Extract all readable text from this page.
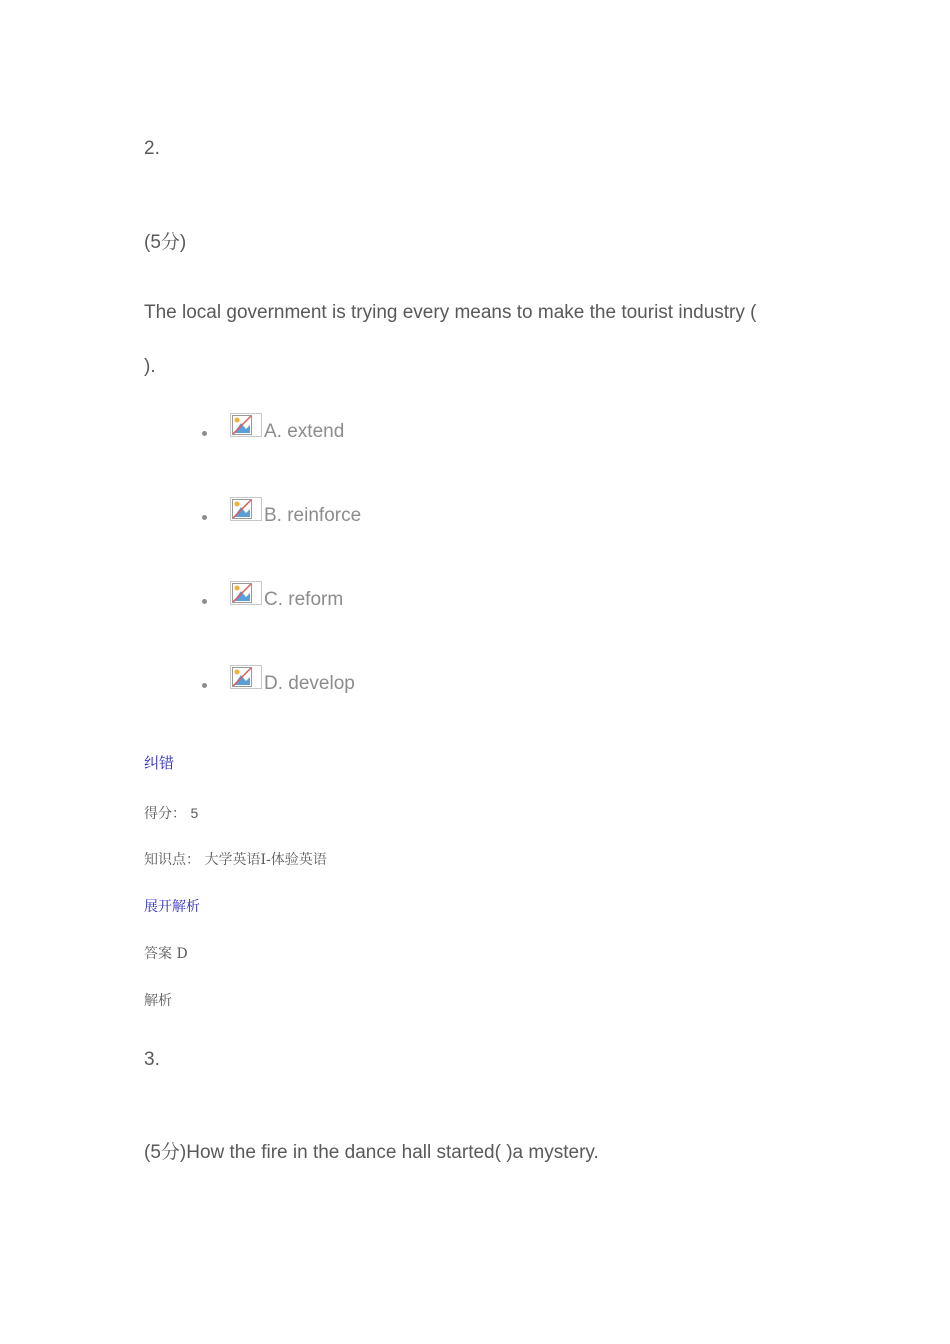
2.
(5分)
The local government is trying every means to make the tourist industry (
).
A. extend
B. reinforce
C. reform
D. develop
纠错
得分： 5
知识点： 大学英语Ⅰ-体验英语
展开解析
答案 D
解析
3.
(5分)How the fire in the dance hall started( )a mystery.
